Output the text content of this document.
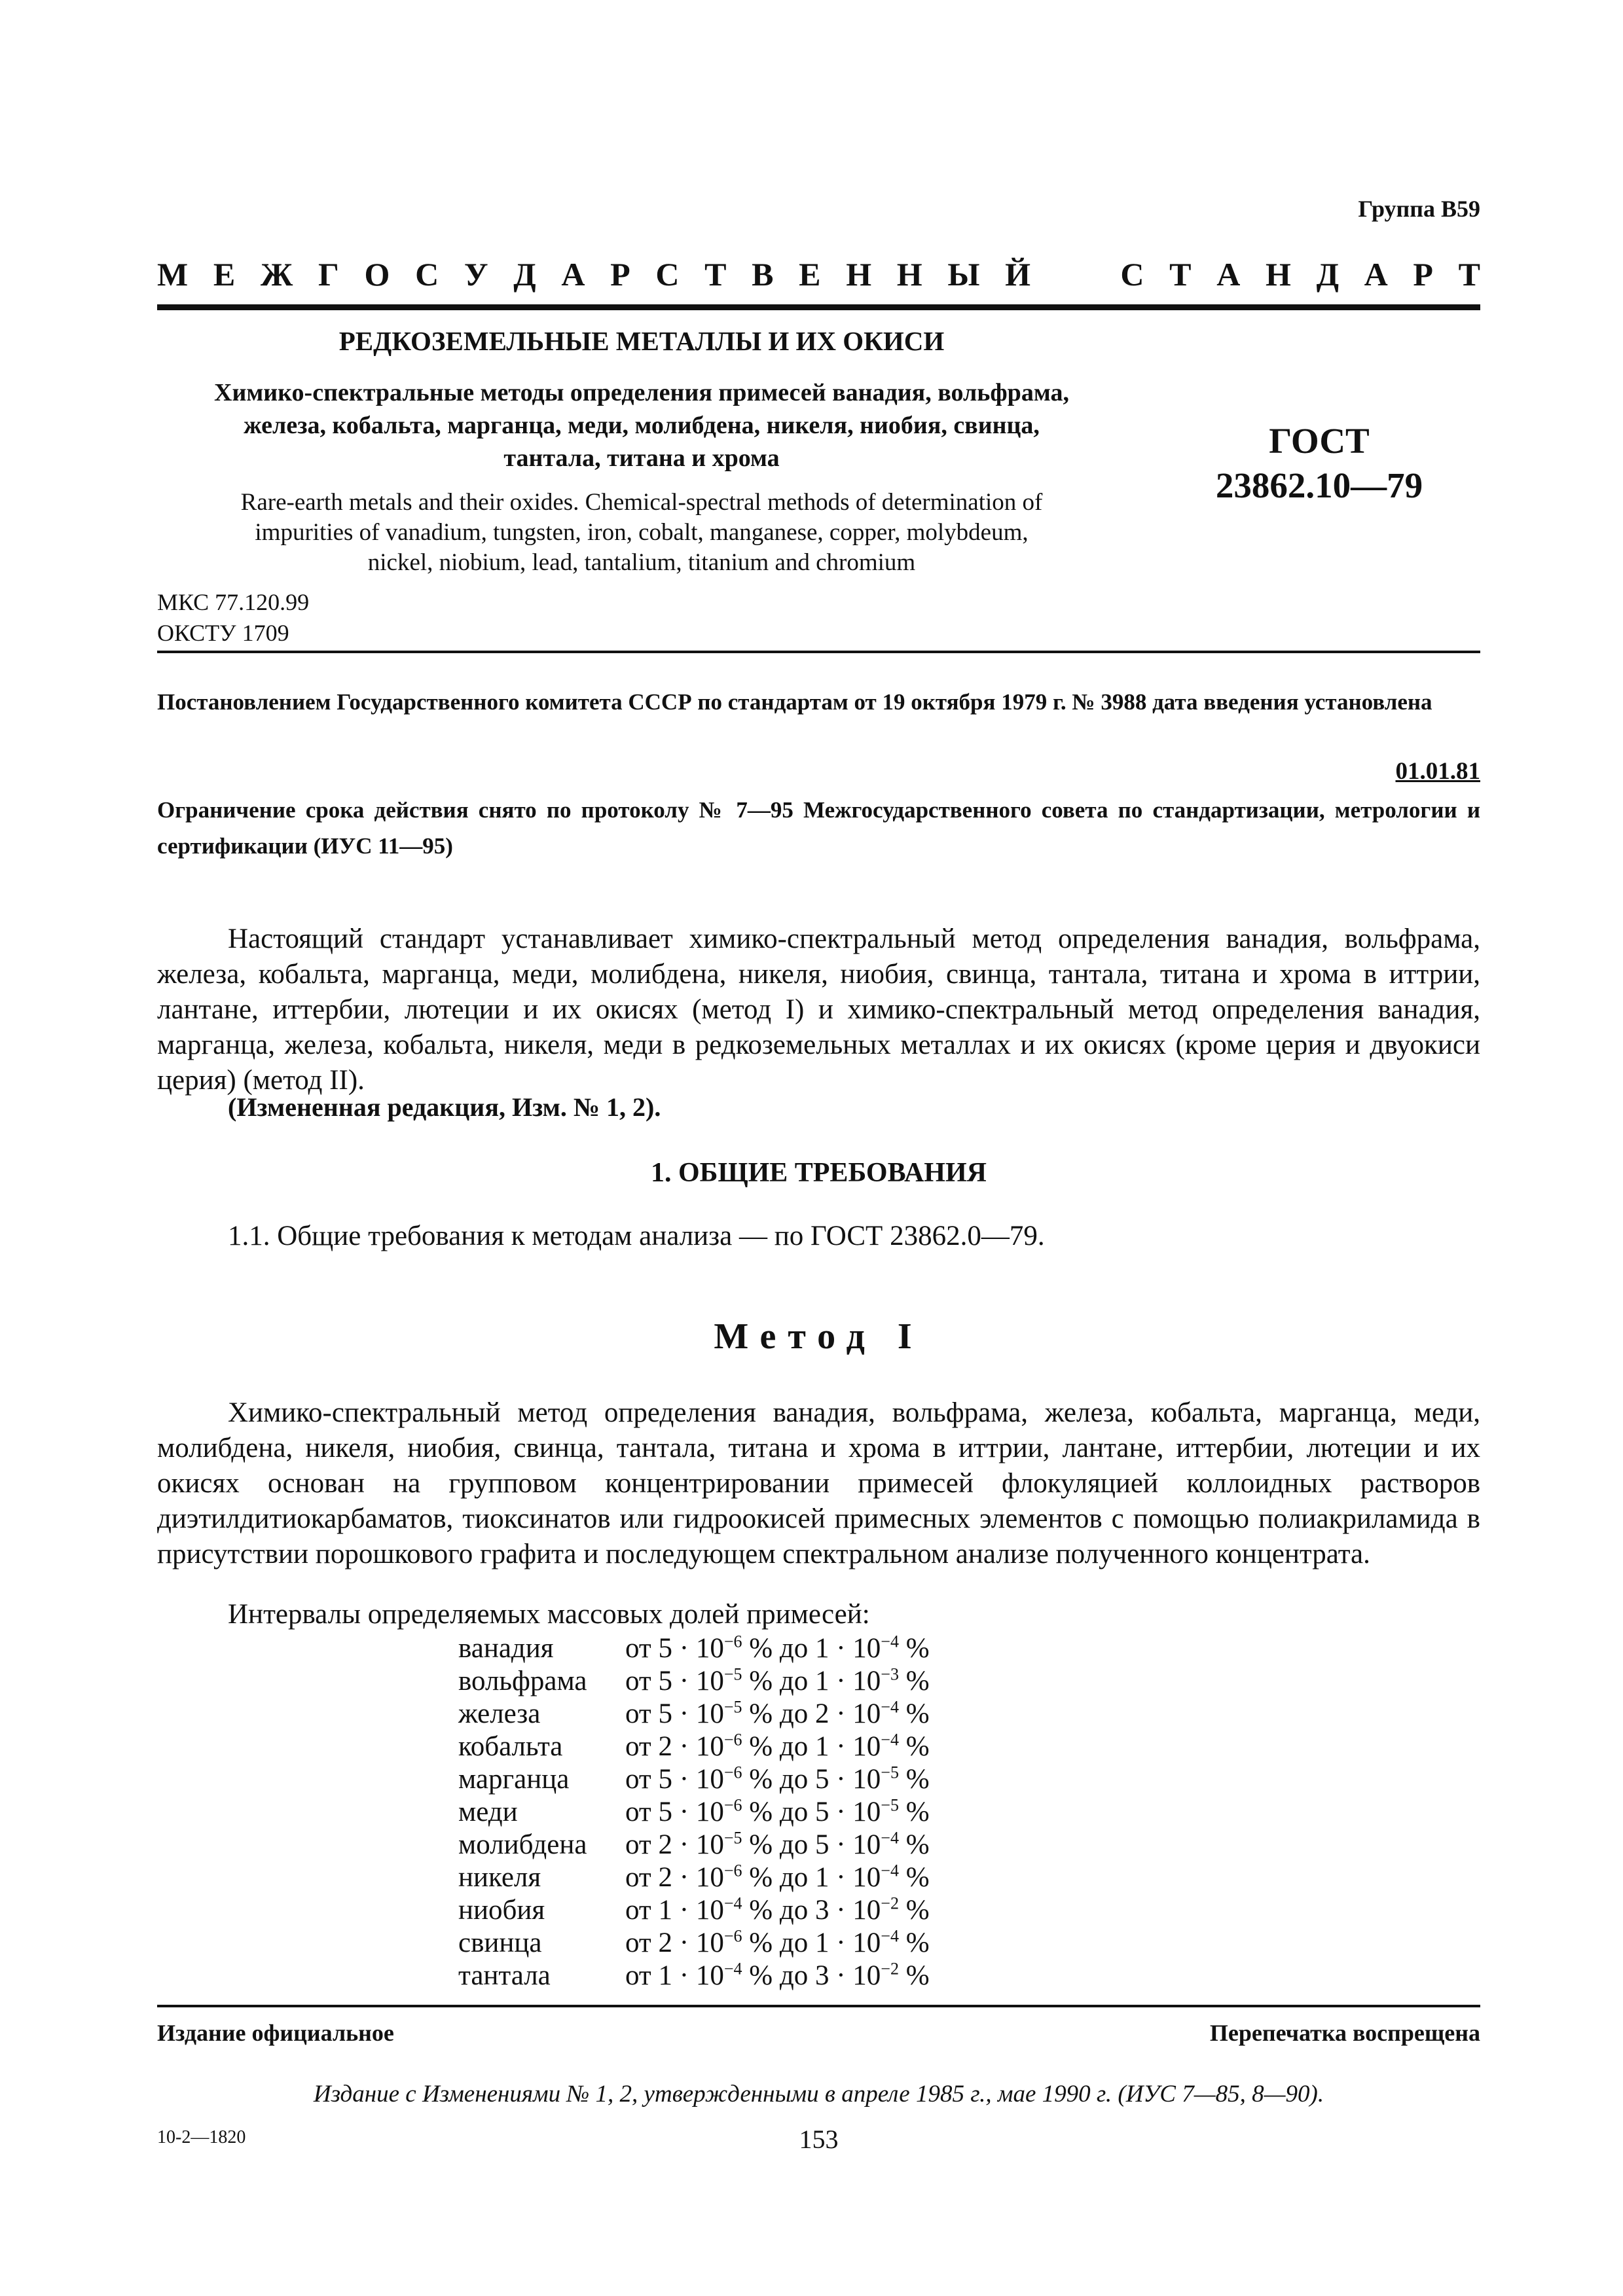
Группа В59
М Е Ж Г О С У Д А Р С Т В Е Н Н Ы Й	С Т А Н Д А Р Т
РЕДКОЗЕМЕЛЬНЫЕ МЕТАЛЛЫ И ИХ ОКИСИ
Химико-спектральные методы определения примесей ванадия, вольфрама,
железа, кобальта, марганца, меди, молибдена, никеля, ниобия, свинца,
тантала, титана и хрома
Rare-earth metals and their oxides. Chemical-spectral methods of determination of
impurities of vanadium, tungsten, iron, cobalt, manganese, copper, molybdeum,
nickel, niobium, lead, tantalium, titanium and chromium
ГОСТ
23862.10—79
МКС 77.120.99
ОКСТУ 1709
Постановлением Государственного комитета СССР по стандартам от 19 октября 1979 г. № 3988 дата введения установлена
01.01.81
Ограничение срока действия снято по протоколу № 7—95 Межгосударственного совета по стандартизации, метрологии и сертификации (ИУС 11—95)

Настоящий стандарт устанавливает химико-спектральный метод определения ванадия, вольфрама, железа, кобальта, марганца, меди, молибдена, никеля, ниобия, свинца, тантала, титана и хрома в иттрии, лантане, иттербии, лютеции и их окисях (метод I) и химико-спектральный метод определения ванадия, марганца, железа, кобальта, никеля, меди в редкоземельных металлах и их окисях (кроме церия и двуокиси церия) (метод II).

(Измененная редакция, Изм. № 1, 2).
1. ОБЩИЕ ТРЕБОВАНИЯ
1.1. Общие требования к методам анализа — по ГОСТ 23862.0—79.
Метод I

Химико-спектральный метод определения ванадия, вольфрама, железа, кобальта, марганца, меди, молибдена, никеля, ниобия, свинца, тантала, титана и хрома в иттрии, лантане, иттербии, лютеции и их окисях основан на групповом концентрировании примесей флокуляцией коллоидных растворов диэтилдитиокарбаматов, тиоксинатов или гидроокисей примесных элементов с помощью полиакриламида в присутствии порошкового графита и последующем спектральном анализе полученного концентрата.

Интервалы определяемых массовых долей примесей:
ванадия	от $5 \cdot 10^{-6}$ % до $1 \cdot 10^{-4}$ %
вольфрама	от $5 \cdot 10^{-5}$ % до $1 \cdot 10^{-3}$ %
железа	от $5 \cdot 10^{-5}$ % до $2 \cdot 10^{-4}$ %
кобальта	от $2 \cdot 10^{-6}$ % до $1 \cdot 10^{-4}$ %
марганца	от $5 \cdot 10^{-6}$ % до $5 \cdot 10^{-5}$ %
меди	от $5 \cdot 10^{-6}$ % до $5 \cdot 10^{-5}$ %
молибдена	от $2 \cdot 10^{-5}$ % до $5 \cdot 10^{-4}$ %
никеля	от $2 \cdot 10^{-6}$ % до $1 \cdot 10^{-4}$ %
ниобия	от $1 \cdot 10^{-4}$ % до $3 \cdot 10^{-2}$ %
свинца	от $2 \cdot 10^{-6}$ % до $1 \cdot 10^{-4}$ %
тантала	от $1 \cdot 10^{-4}$ % до $3 \cdot 10^{-2}$ %
Издание официальное	Перепечатка воспрещена
Издание с Изменениями № 1, 2, утвержденными в апреле 1985 г., мае 1990 г. (ИУС 7—85, 8—90).
10-2—1820	153
